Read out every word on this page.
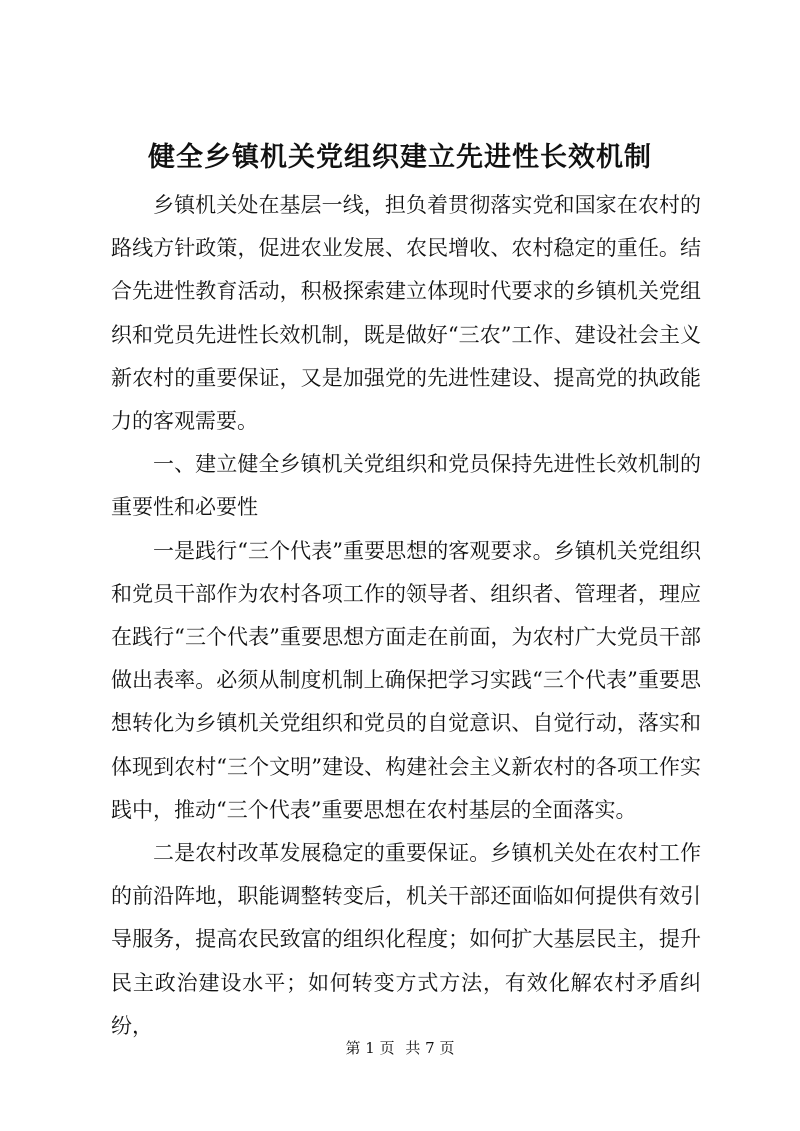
健全乡镇机关党组织建立先进性长效机制

乡镇机关处在基层一线，担负着贯彻落实党和国家在农村的路线方针政策，促进农业发展、农民增收、农村稳定的重任。结合先进性教育活动，积极探索建立体现时代要求的乡镇机关党组织和党员先进性长效机制，既是做好“三农”工作、建设社会主义新农村的重要保证，又是加强党的先进性建设、提高党的执政能力的客观需要。

一、建立健全乡镇机关党组织和党员保持先进性长效机制的重要性和必要性

一是践行“三个代表”重要思想的客观要求。乡镇机关党组织和党员干部作为农村各项工作的领导者、组织者、管理者，理应在践行“三个代表”重要思想方面走在前面，为农村广大党员干部做出表率。必须从制度机制上确保把学习实践“三个代表”重要思想转化为乡镇机关党组织和党员的自觉意识、自觉行动，落实和体现到农村“三个文明”建设、构建社会主义新农村的各项工作实践中，推动“三个代表”重要思想在农村基层的全面落实。

二是农村改革发展稳定的重要保证。乡镇机关处在农村工作的前沿阵地，职能调整转变后，机关干部还面临如何提供有效引导服务，提高农民致富的组织化程度；如何扩大基层民主，提升民主政治建设水平；如何转变方式方法，有效化解农村矛盾纠纷，

第 1 页 共 7 页
